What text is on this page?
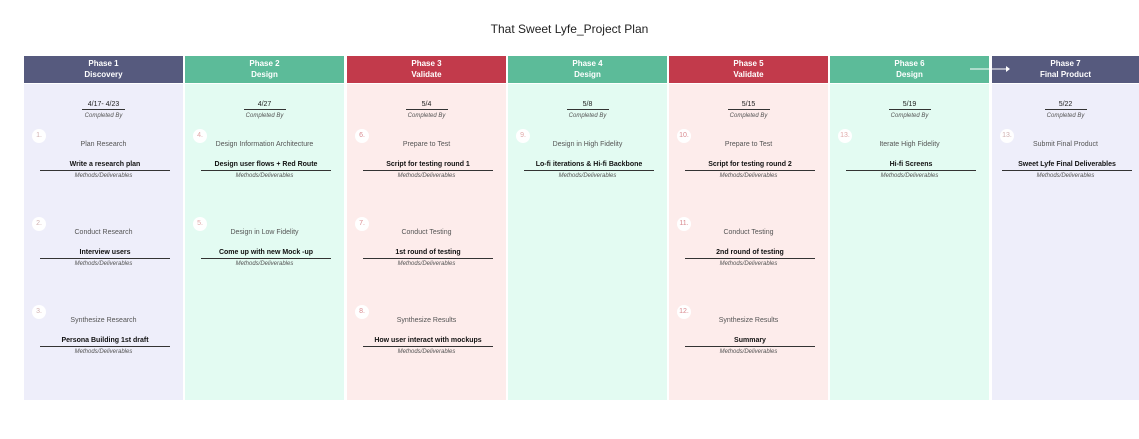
That Sweet Lyfe_Project Plan
Phase 1
Discovery
4/17- 4/23
Completed By
1.
Plan Research
Write a research plan
Methods/Deliverables
2.
Conduct Research
Interview users
Methods/Deliverables
3.
Synthesize Research
Persona Building 1st draft
Methods/Deliverables
Phase 2
Design
4/27
Completed By
4.
Design Information Architecture
Design user flows + Red Route
Methods/Deliverables
5.
Design in Low Fidelity
Come up with new Mock -up
Methods/Deliverables
Phase 3
Validate
5/4
Completed By
6.
Prepare to Test
Script for testing round 1
Methods/Deliverables
7.
Conduct Testing
1st round of testing
Methods/Deliverables
8.
Synthesize Results
How user interact with mockups
Methods/Deliverables
Phase 4
Design
5/8
Completed By
9.
Design in High Fidelity
Lo-fi iterations & Hi-fi Backbone
Methods/Deliverables
Phase 5
Validate
5/15
Completed By
10.
Prepare to Test
Script for testing round 2
Methods/Deliverables
11.
Conduct Testing
2nd round of testing
Methods/Deliverables
12.
Synthesize Results
Summary
Methods/Deliverables
Phase 6
Design
5/19
Completed By
13.
Iterate High Fidelity
Hi-fi Screens
Methods/Deliverables
Phase 7
Final Product
5/22
Completed By
13.
Submit Final Product
Sweet Lyfe Final Deliverables
Methods/Deliverables
